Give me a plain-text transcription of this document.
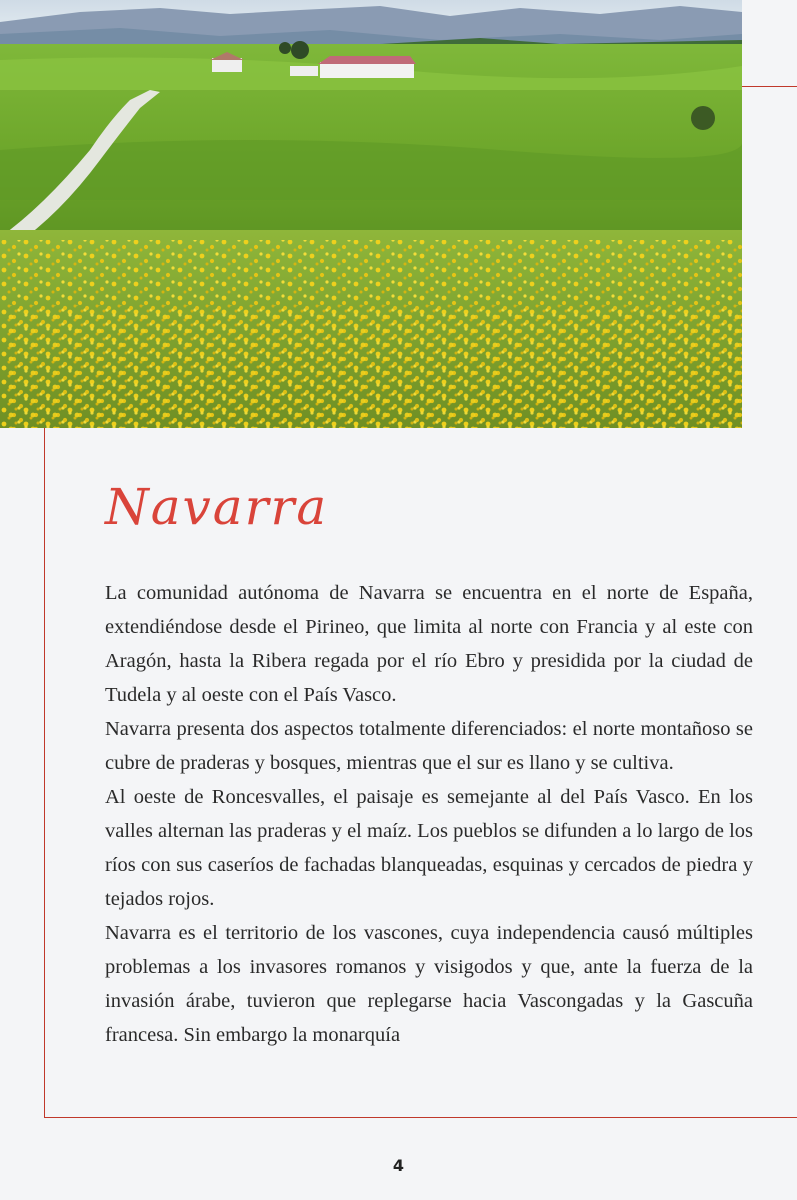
Navarra

La comunidad autónoma de Navarra se encuentra en el norte de España, extendiéndose desde el Pirineo, que limita al norte con Francia y al este con Aragón, hasta la Ribera regada por el río Ebro y presidida por la ciudad de Tudela y al oeste con el País Vasco.

Navarra presenta dos aspectos totalmente diferenciados: el norte montañoso se cubre de praderas y bosques, mientras que el sur es llano y se cultiva.

Al oeste de Roncesvalles, el paisaje es semejante al del País Vasco. En los valles alternan las praderas y el maíz. Los pueblos se difunden a lo largo de los ríos con sus caseríos de fachadas blanqueadas, esquinas y cercados de piedra y tejados rojos.

Navarra es el territorio de los vascones, cuya independencia causó múltiples problemas a los invasores romanos y visigodos y que, ante la fuerza de la invasión árabe, tuvieron que replegarse hacia Vascongadas y la Gascuña francesa. Sin embargo la monarquía

4
